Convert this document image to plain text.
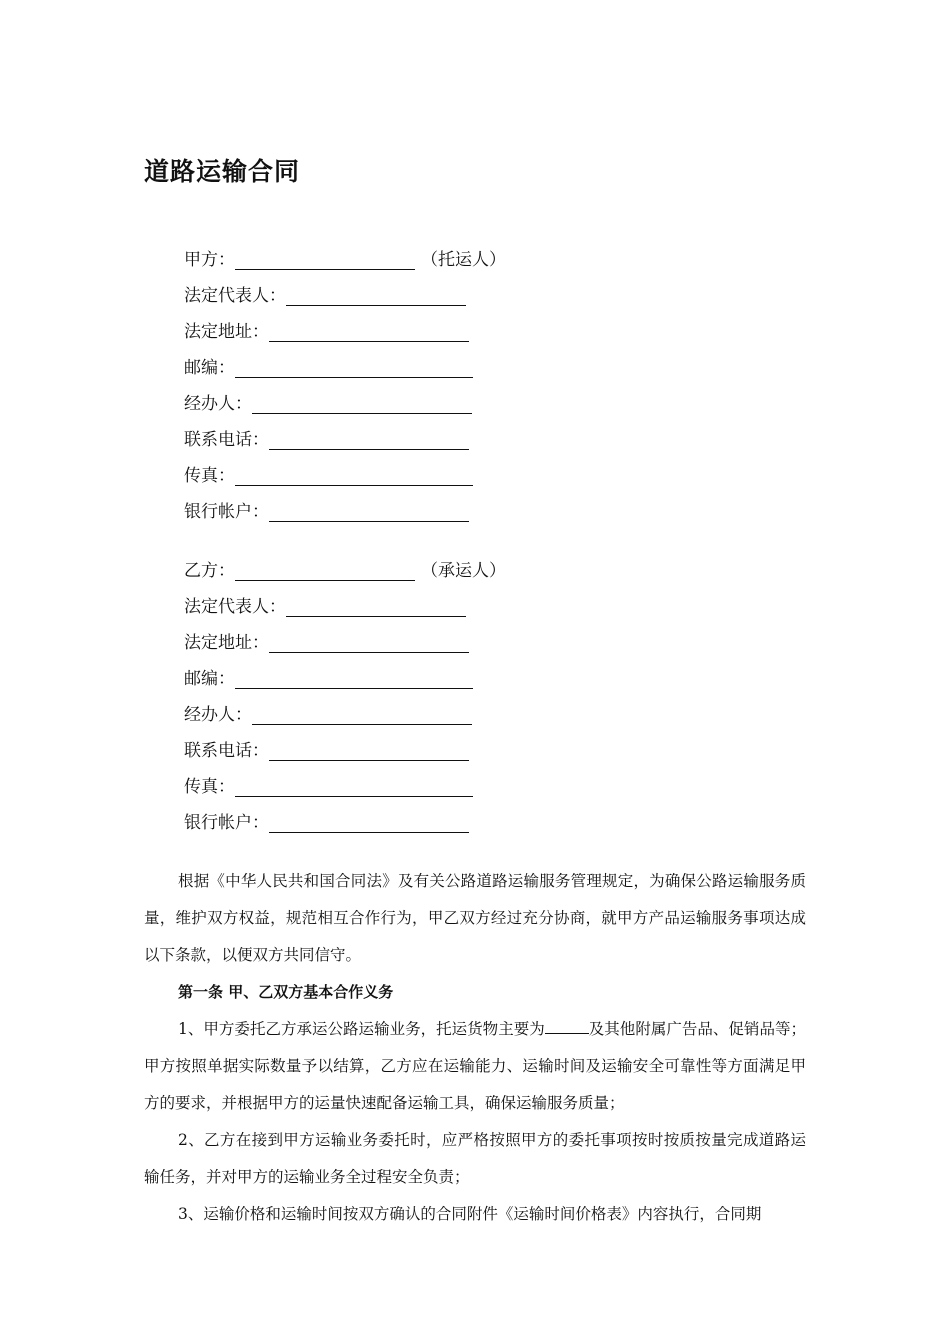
道路运输合同
甲方：	（托运人）
法定代表人：
法定地址：
邮编：
经办人：
联系电话：
传真：
银行帐户：
乙方：	（承运人）
法定代表人：
法定地址：
邮编：
经办人：
联系电话：
传真：
银行帐户：

根据《中华人民共和国合同法》及有关公路道路运输服务管理规定，为确保公路运输服务质量，维护双方权益，规范相互合作行为，甲乙双方经过充分协商，就甲方产品运输服务事项达成以下条款，以便双方共同信守。

第一条 甲、乙双方基本合作义务

1、甲方委托乙方承运公路运输业务，托运货物主要为	及其他附属广告品、促销品等；甲方按照单据实际数量予以结算，乙方应在运输能力、运输时间及运输安全可靠性等方面满足甲方的要求，并根据甲方的运量快速配备运输工具，确保运输服务质量；

2、乙方在接到甲方运输业务委托时，应严格按照甲方的委托事项按时按质按量完成道路运输任务，并对甲方的运输业务全过程安全负责；

3、运输价格和运输时间按双方确认的合同附件《运输时间价格表》内容执行，合同期
